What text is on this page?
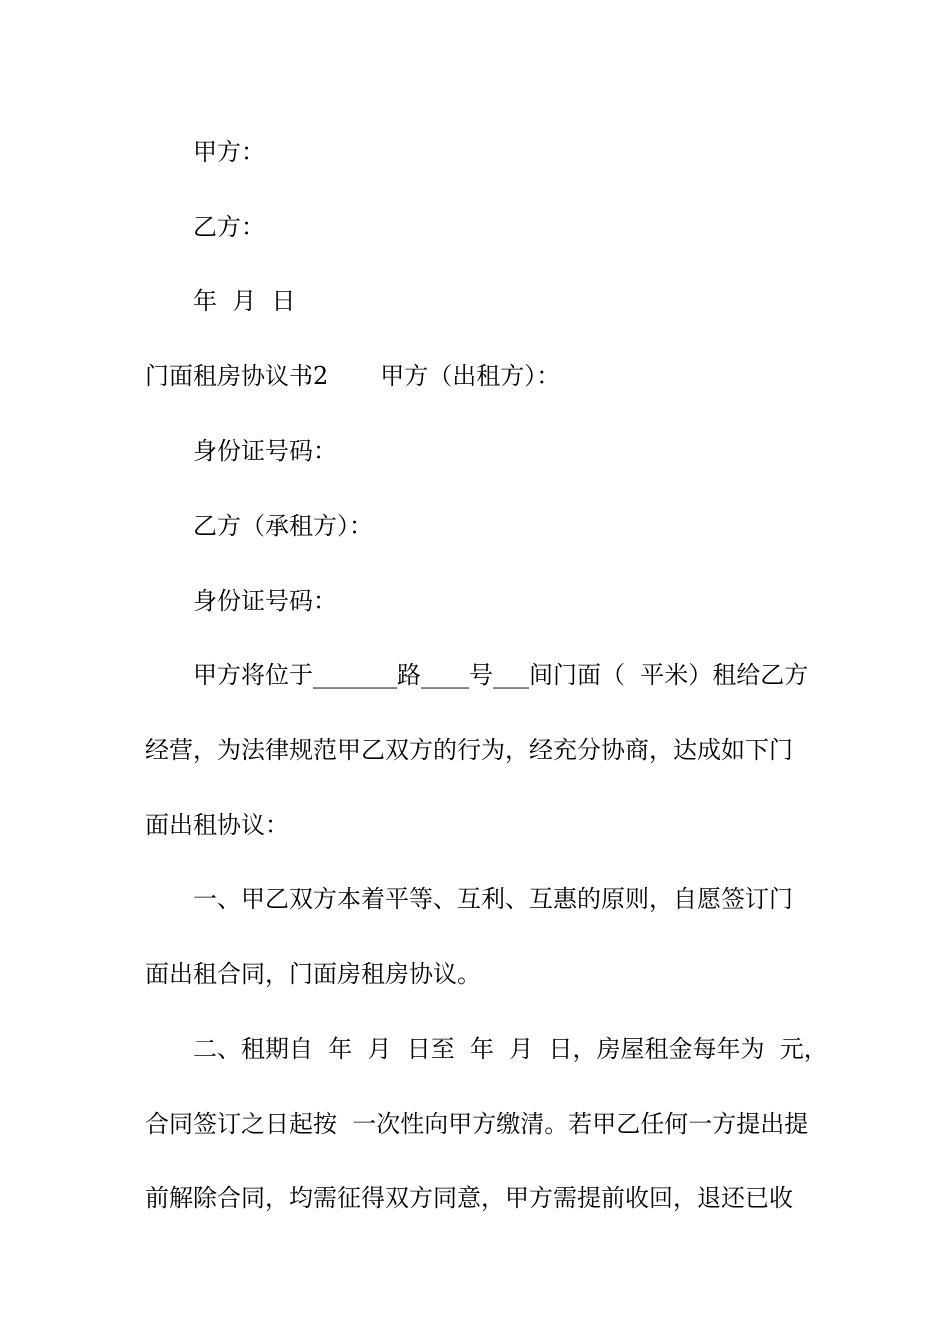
甲方：
乙方：
年  月  日
门面租房协议书2 甲方（出租方）：
身份证号码：
乙方（承租方）：
身份证号码：
甲方将位于_______路____号___间门面（  平米）租给乙方
经营，为法律规范甲乙双方的行为，经充分协商，达成如下门
面出租协议：
一、甲乙双方本着平等、互利、互惠的原则，自愿签订门
面出租合同，门面房租房协议。
二、租期自  年  月  日至  年  月  日，房屋租金每年为  元，
合同签订之日起按  一次性向甲方缴清。若甲乙任何一方提出提
前解除合同，均需征得双方同意，甲方需提前收回，退还已收
